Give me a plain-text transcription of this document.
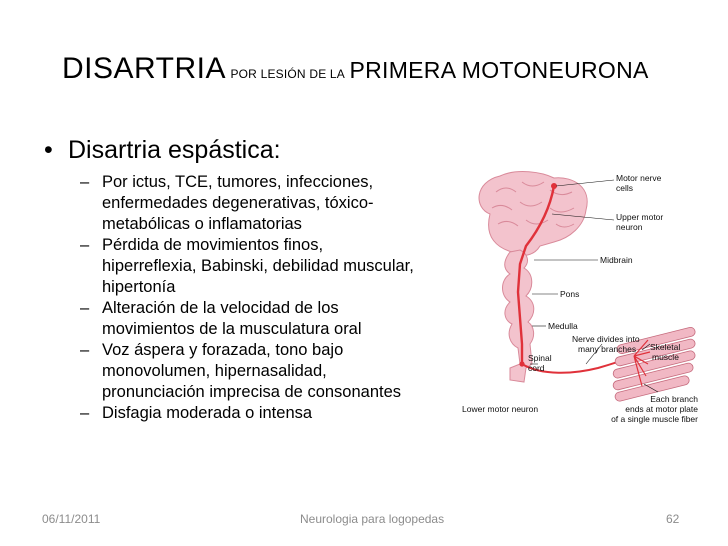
DISARTRIA POR LESIÓN DE LA PRIMERA MOTONEURONA
• Disartria espástica:
– Por ictus, TCE, tumores, infecciones, enfermedades degenerativas, tóxico-metabólicas o inflamatorias
– Pérdida de movimientos finos, hiperreflexia, Babinski, debilidad muscular, hipertonía
– Alteración de la velocidad de los movimientos de la musculatura oral
– Voz áspera y forazada, tono bajo monovolumen, hipernasalidad, pronunciación imprecisa de consonantes
– Disfagia moderada o intensa
Motor nerve
cells
Upper motor
neuron
Midbrain
Pons
Medulla
Nerve divides into
many branches Skeletal
muscle
Spinal
cord
Lower motor neuron
Each branch
ends at motor plate
of a single muscle fiber
06/11/2011	Neurologia para logopedas	62
